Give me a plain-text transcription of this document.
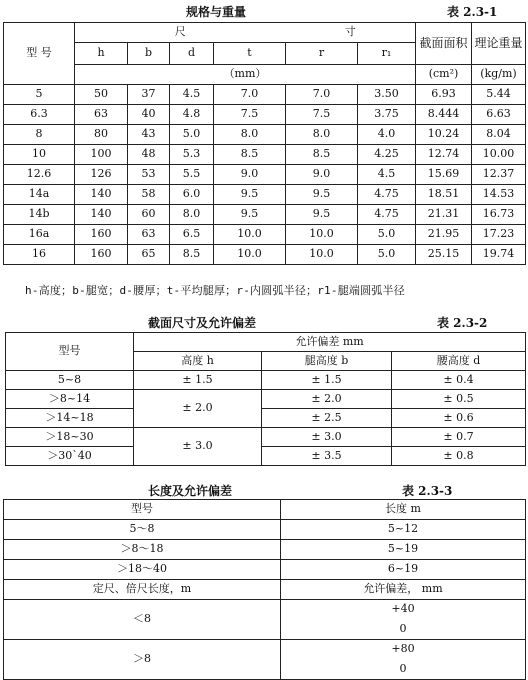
规格与重量	表 2.3-1
型 号	尺				寸		截面面积	理论重量
	h	b	d	t	r	r₁		
	（mm）						(cm²)	(kg/m)
5	50	37	4.5	7.0	7.0	3.50	6.93	5.44
6.3	63	40	4.8	7.5	7.5	3.75	8.444	6.63
8	80	43	5.0	8.0	8.0	4.0	10.24	8.04
10	100	48	5.3	8.5	8.5	4.25	12.74	10.00
12.6	126	53	5.5	9.0	9.0	4.5	15.69	12.37
14a	140	58	6.0	9.5	9.5	4.75	18.51	14.53
14b	140	60	8.0	9.5	9.5	4.75	21.31	16.73
16a	160	63	6.5	10.0	10.0	5.0	21.95	17.23
16	160	65	8.5	10.0	10.0	5.0	25.15	19.74
h-高度；b-腿宽；d-腰厚；t-平均腿厚；r-内圆弧半径；r1-腿端圆弧半径
截面尺寸及允许偏差	表 2.3-2
型号	允许偏差 mm		
	高度 h	腿高度 b	腰高度 d
5~8	± 1.5	± 1.5	± 0.4
＞8~14	± 2.0	± 2.0	± 0.5
＞14~18		± 2.5	± 0.6
＞18~30	± 3.0	± 3.0	± 0.7
＞30`40		± 3.5	± 0.8
长度及允许偏差	表 2.3-3
型号	长度 m
5～8	5~12
＞8～18	5~19
＞18～40	6~19
定尺、倍尺长度，m	允许偏差， mm
＜8	+40
	0
＞8	+80
	0
